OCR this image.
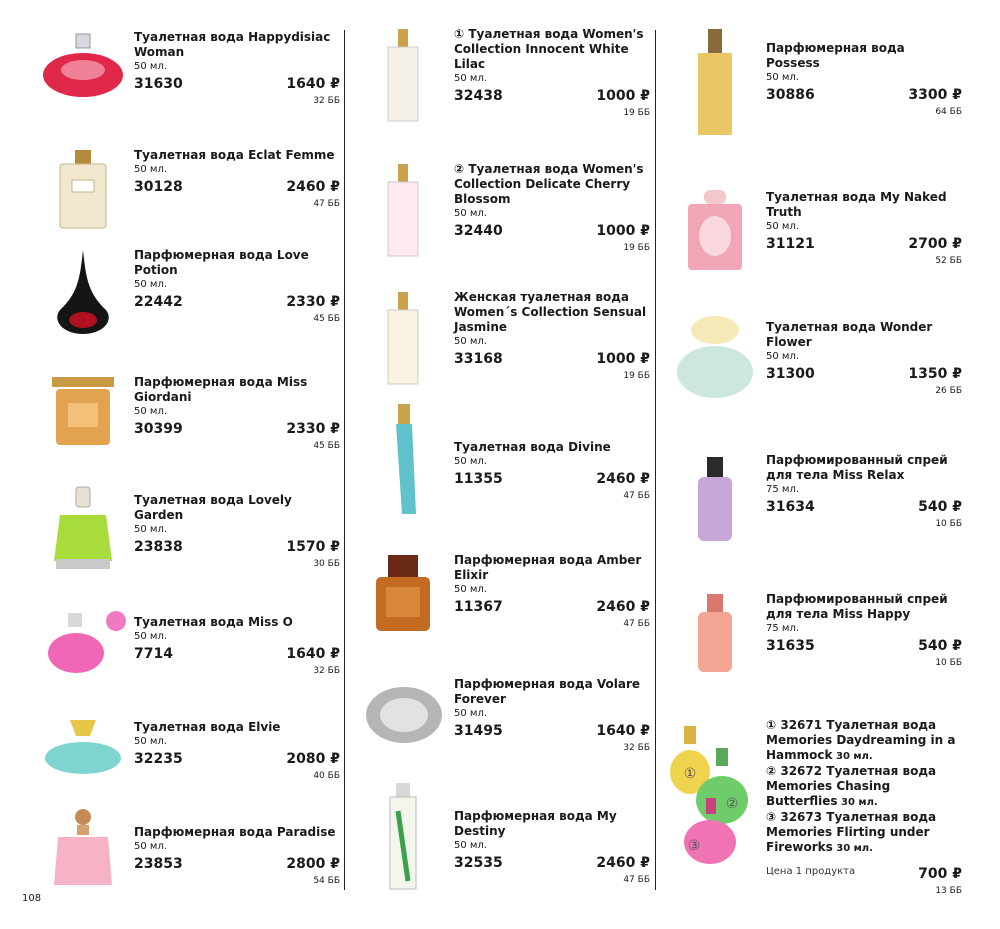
Туалетная вода Happydisiac Woman
50 мл.
31630	1640 ₽
32 ББ
Туалетная вода Eclat Femme
50 мл.
30128	2460 ₽
47 ББ
Парфюмерная вода Love Potion
50 мл.
22442	2330 ₽
45 ББ
Парфюмерная вода Miss Giordani
50 мл.
30399	2330 ₽
45 ББ
Туалетная вода Lovely Garden
50 мл.
23838	1570 ₽
30 ББ
Туалетная вода Miss O
50 мл.
7714	1640 ₽
32 ББ
Туалетная вода Elvie
50 мл.
32235	2080 ₽
40 ББ
Парфюмерная вода Paradise
50 мл.
23853	2800 ₽
54 ББ
① Туалетная вода Women's Collection Innocent White Lilac
50 мл.
32438	1000 ₽
19 ББ
② Туалетная вода Women's Collection Delicate Cherry Blossom
50 мл.
32440	1000 ₽
19 ББ
Женская туалетная вода Women´s Collection Sensual Jasmine
50 мл.
33168	1000 ₽
19 ББ
Туалетная вода Divine
50 мл.
11355	2460 ₽
47 ББ
Парфюмерная вода Amber Elixir
50 мл.
11367	2460 ₽
47 ББ
Парфюмерная вода Volare Forever
50 мл.
31495	1640 ₽
32 ББ
Парфюмерная вода My Destiny
50 мл.
32535	2460 ₽
47 ББ
Парфюмерная вода Possess
50 мл.
30886	3300 ₽
64 ББ
Туалетная вода My Naked Truth
50 мл.
31121	2700 ₽
52 ББ
Туалетная вода Wonder Flower
50 мл.
31300	1350 ₽
26 ББ
Парфюмированный спрей для тела Miss Relax
75 мл.
31634	540 ₽
10 ББ
Парфюмированный спрей для тела Miss Happy
75 мл.
31635	540 ₽
10 ББ
①
②
③
① 32671 Туалетная вода Memories Daydreaming in a Hammock 30 мл.
② 32672 Туалетная вода Memories Chasing Butterflies 30 мл.
③ 32673 Туалетная вода Memories Flirting under Fireworks 30 мл.
Цена 1 продукта	700 ₽
13 ББ
108
